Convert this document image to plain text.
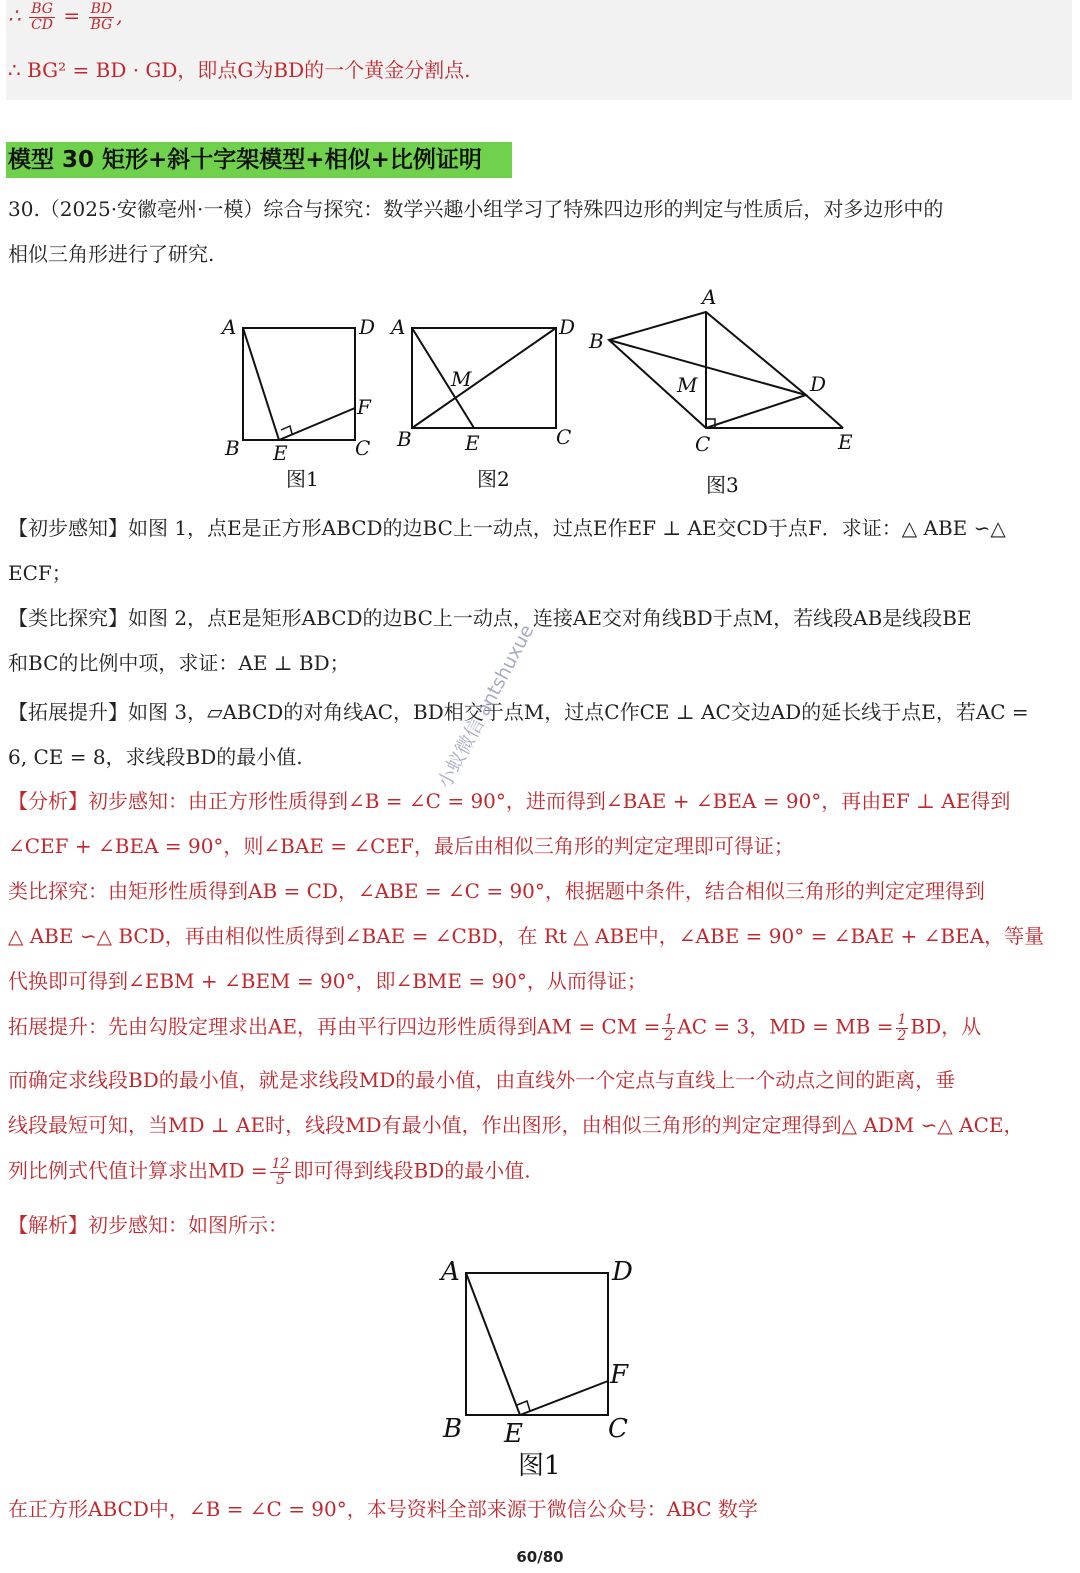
∴ $\frac{BG}{CD} = \frac{BD}{BG}$ ,
∴ BG² = BD · GD，即点G为BD的一个黄金分割点.
模型 30 矩形+斜十字架模型+相似+比例证明
30.（2025·安徽亳州·一模）综合与探究：数学兴趣小组学习了特殊四边形的判定与性质后，对多边形中的
相似三角形进行了研究.
A	D
F
B E	C
图1
A	D
M
B	E	C
图2
A
B
M	D
C	E
图3
【初步感知】如图 1，点E是正方形ABCD的边BC上一动点，过点E作EF ⊥ AE交CD于点F．求证：△ ABE ∽△
ECF；
【类比探究】如图 2，点E是矩形ABCD的边BC上一动点，连接AE交对角线BD于点M，若线段AB是线段BE
和BC的比例中项，求证：AE ⊥ BD；
【拓展提升】如图 3，▱ABCD的对角线AC，BD相交于点M，过点C作CE ⊥ AC交边AD的延长线于点E，若AC =
6, CE = 8，求线段BD的最小值.
【分析】初步感知：由正方形性质得到∠B = ∠C = 90°，进而得到∠BAE + ∠BEA = 90°，再由EF ⊥ AE得到
∠CEF + ∠BEA = 90°，则∠BAE = ∠CEF，最后由相似三角形的判定定理即可得证；
类比探究：由矩形性质得到AB = CD，∠ABE = ∠C = 90°，根据题中条件，结合相似三角形的判定定理得到
△ ABE ∽△ BCD，再由相似性质得到∠BAE = ∠CBD，在 Rt △ ABE中，∠ABE = 90° = ∠BAE + ∠BEA，等量
代换即可得到∠EBM + ∠BEM = 90°，即∠BME = 90°，从而得证；
拓展提升：先由勾股定理求出AE，再由平行四边形性质得到AM = CM = $\frac{1}{2}$ AC = 3，MD = MB = $\frac{1}{2}$ BD，从
而确定求线段BD的最小值，就是求线段MD的最小值，由直线外一个定点与直线上一个动点之间的距离，垂
线段最短可知，当MD ⊥ AE时，线段MD有最小值，作出图形，由相似三角形的判定定理得到△ ADM ∽△ ACE，
列比例式代值计算求出MD = $\frac{12}{5}$ 即可得到线段BD的最小值.
【解析】初步感知：如图所示：
A	D
F
B E	C
图1
在正方形ABCD中，∠B = ∠C = 90°，本号资料全部来源于微信公众号：ABC 数学
小蚁微信 antshuxue
60/80
